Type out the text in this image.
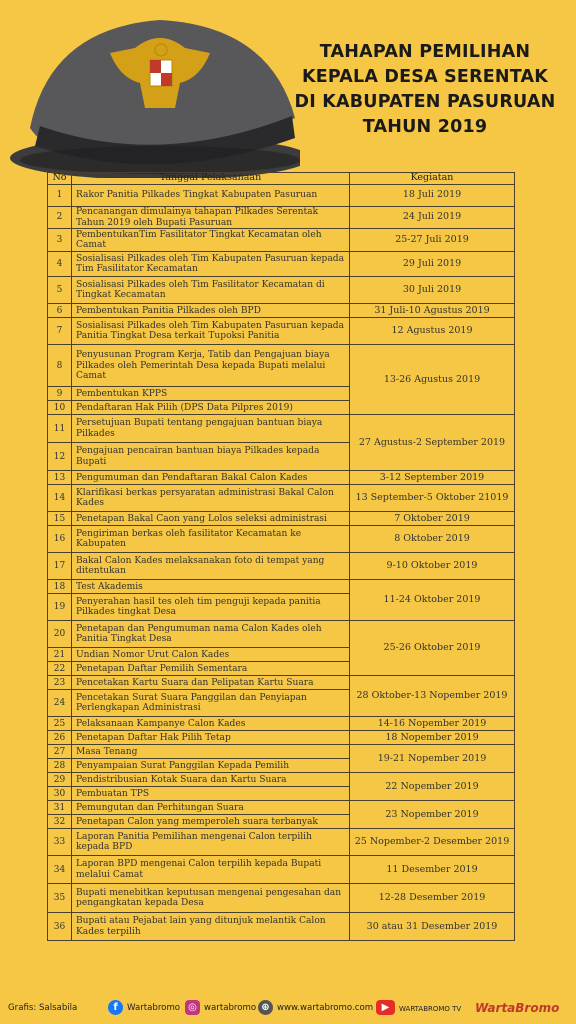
TAHAPAN PEMILIHAN
KEPALA DESA SERENTAK
DI KABUPATEN PASURUAN
TAHUN 2019
No	Tanggal Pelaksanaan	Kegiatan
1	Rakor Panitia Pilkades Tingkat Kabupaten Pasuruan	18 Juli 2019
2	Pencanangan dimulainya tahapan Pilkades Serentak Tahun 2019 oleh Bupati Pasuruan	24 Juli 2019
3	PembentukanTim Fasilitator Tingkat Kecamatan oleh Camat	25-27 Juli 2019
4	Sosialisasi Pilkades oleh Tim Kabupaten Pasuruan kepada Tim Fasilitator Kecamatan	29 Juli 2019
5	Sosialisasi Pilkades oleh Tim Fasilitator Kecamatan di Tingkat Kecamatan	30 Juli 2019
6	Pembentukan Panitia Pilkades oleh BPD	31 Juli-10 Agustus 2019
7	Sosialisasi Pilkades oleh Tim Kabupaten Pasuruan kepada Panitia Tingkat Desa terkait Tupoksi Panitia	12 Agustus 2019
8	Penyusunan Program Kerja, Tatib dan Pengajuan biaya Pilkades oleh Pemerintah Desa kepada Bupati melalui Camat	13-26 Agustus 2019
9	Pembentukan KPPS	
10	Pendaftaran Hak Pilih (DPS Data Pilpres 2019)	
11	Persetujuan Bupati tentang pengajuan bantuan biaya Pilkades	27 Agustus-2 September 2019
12	Pengajuan pencairan bantuan biaya Pilkades kepada Bupati	
13	Pengumuman dan Pendaftaran Bakal Calon Kades	3-12 September 2019
14	Klarifikasi berkas persyaratan administrasi Bakal Calon Kades	13 September-5 Oktober 21019
15	Penetapan Bakal Caon yang Lolos seleksi administrasi	7 Oktober 2019
16	Pengiriman berkas oleh fasilitator Kecamatan ke Kabupaten	8 Oktober 2019
17	Bakal Calon Kades melaksanakan foto di tempat yang ditentukan	9-10 Oktober 2019
18	Test Akademis	11-24 Oktober 2019
19	Penyerahan hasil tes oleh tim penguji kepada panitia Pilkades tingkat Desa	
20	Penetapan dan Pengumuman nama Calon Kades oleh Panitia Tingkat Desa	25-26 Oktober 2019
21	Undian Nomor Urut Calon Kades	
22	Penetapan Daftar Pemilih Sementara	
23	Pencetakan Kartu Suara dan Pelipatan Kartu Suara	28 Oktober-13 Nopember 2019
24	Pencetakan Surat Suara Panggilan dan Penyiapan Perlengkapan Administrasi	
25	Pelaksanaan Kampanye Calon Kades	14-16 Nopember 2019
26	Penetapan Daftar Hak Pilih Tetap	18 Nopember 2019
27	Masa Tenang	19-21 Nopember 2019
28	Penyampaian Surat Panggilan Kepada Pemilih	
29	Pendistribusian Kotak Suara dan Kartu Suara	22 Nopember 2019
30	Pembuatan TPS	
31	Pemungutan dan Perhitungan Suara	23 Nopember 2019
32	Penetapan Calon yang memperoleh suara terbanyak	
33	Laporan Panitia Pemilihan mengenai Calon terpilih kepada BPD	25 Nopember-2 Desember 2019
34	Laporan BPD mengenai Calon terpilih kepada Bupati melalui Camat	11 Desember 2019
35	Bupati menebitkan keputusan mengenai pengesahan dan pengangkatan kepada Desa	12-28 Desember 2019
36	Bupati atau Pejabat lain yang ditunjuk melantik Calon Kades terpilih	30 atau 31 Desember 2019
Grafis: Salsabila	f	Wartabromo ◎ wartabromo ⊕ www.wartabromo.com ▶	WARTABROMO TV WartaBromo
